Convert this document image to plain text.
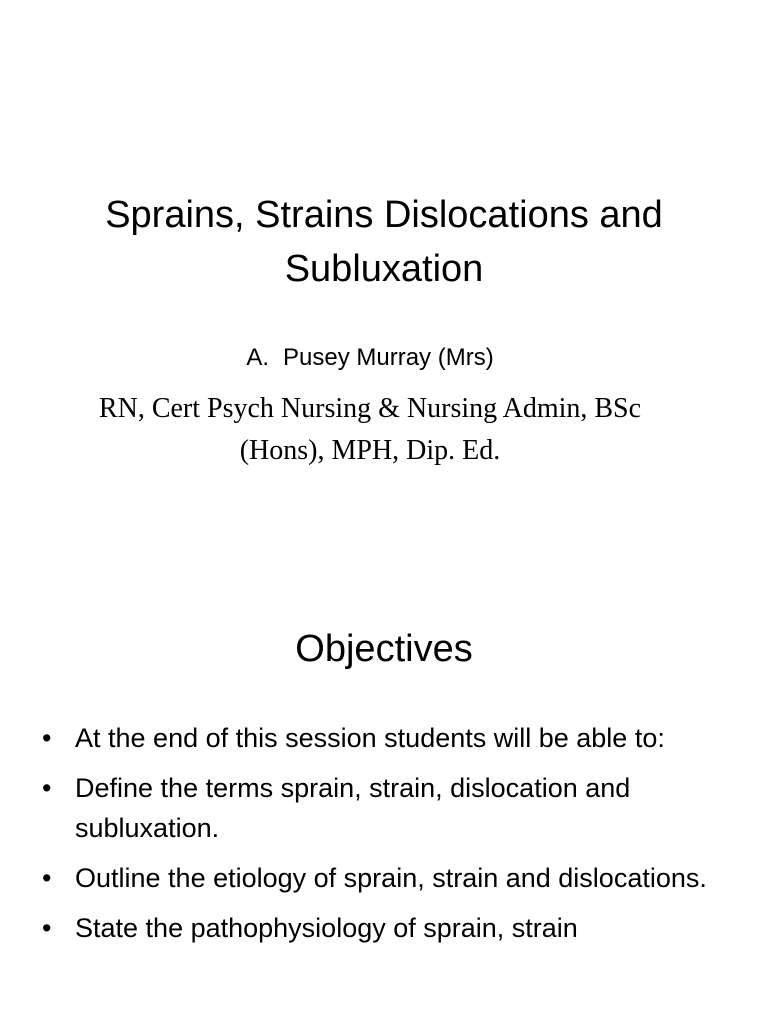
Sprains, Strains Dislocations and Subluxation
A. Pusey Murray (Mrs)
RN, Cert Psych Nursing & Nursing Admin, BSc (Hons), MPH, Dip. Ed.
Objectives
• At the end of this session students will be able to:
• Define the terms sprain, strain, dislocation and subluxation.
• Outline the etiology of sprain, strain and dislocations.
• State the pathophysiology of sprain, strain
